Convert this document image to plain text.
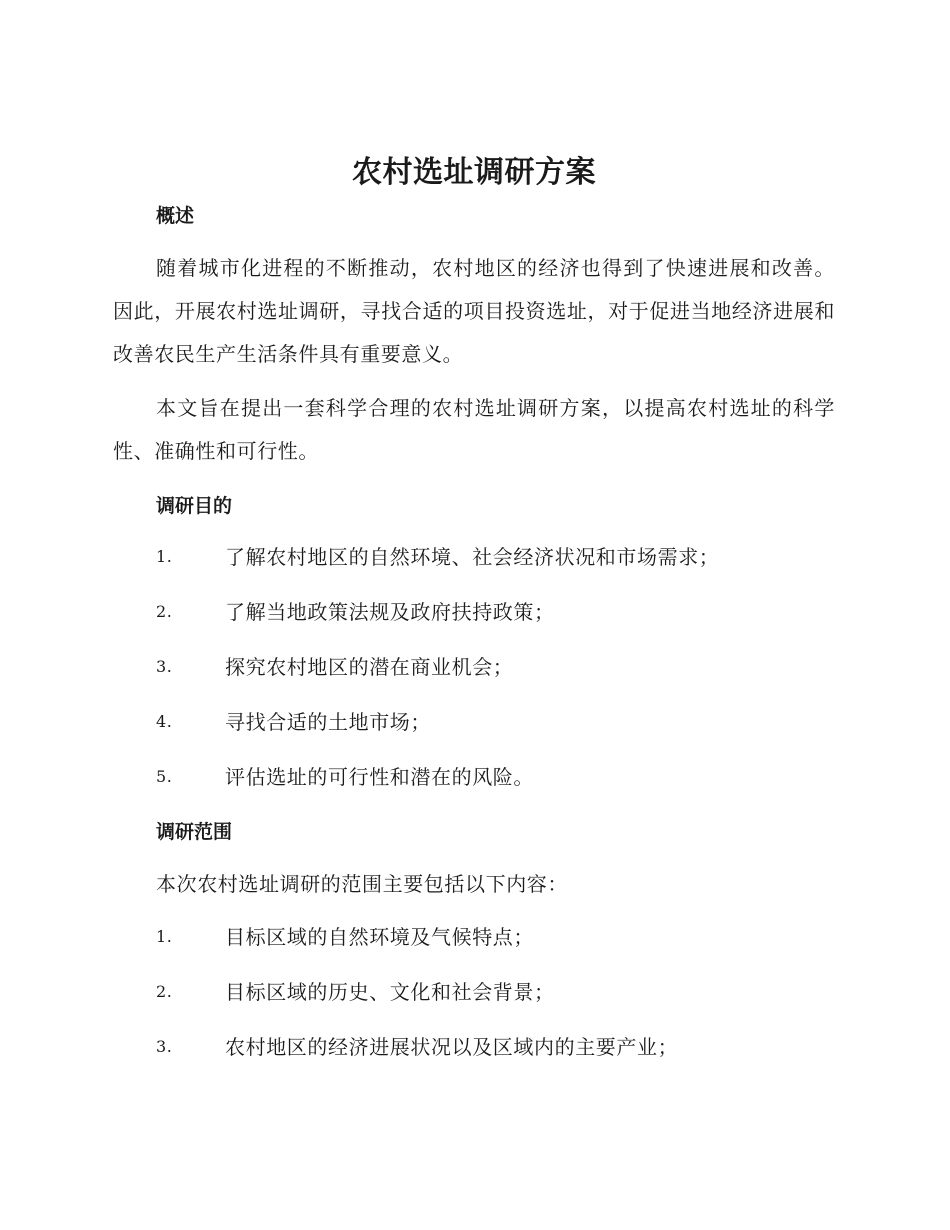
农村选址调研方案
概述

随着城市化进程的不断推动，农村地区的经济也得到了快速进展和改善。因此，开展农村选址调研，寻找合适的项目投资选址，对于促进当地经济进展和改善农民生产生活条件具有重要意义。

本文旨在提出一套科学合理的农村选址调研方案，以提高农村选址的科学性、准确性和可行性。

调研目的
1.	了解农村地区的自然环境、社会经济状况和市场需求；
2.	了解当地政策法规及政府扶持政策；
3.	探究农村地区的潜在商业机会；
4.	寻找合适的土地市场；
5.	评估选址的可行性和潜在的风险。
调研范围

本次农村选址调研的范围主要包括以下内容：

1.	目标区域的自然环境及气候特点；
2.	目标区域的历史、文化和社会背景；
3.	农村地区的经济进展状况以及区域内的主要产业；
